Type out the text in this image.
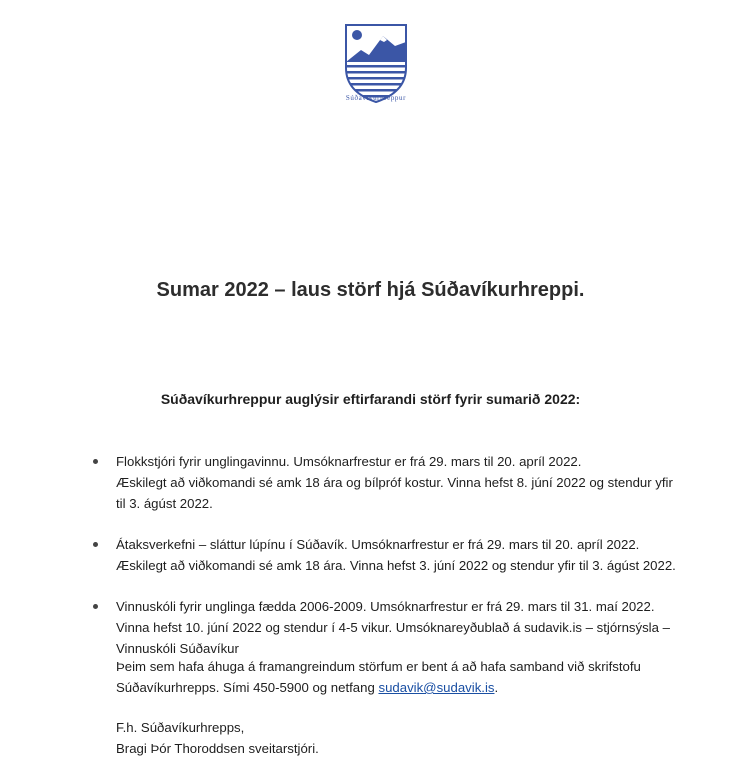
Súðavíkurhreppur
Sumar 2022 – laus störf hjá Súðavíkurhreppi.
Súðavíkurhreppur auglýsir eftirfarandi störf fyrir sumarið 2022:
Flokkstjóri fyrir unglingavinnu. Umsóknarfrestur er frá 29. mars til 20. apríl 2022.
Æskilegt að viðkomandi sé amk 18 ára og bílpróf kostur. Vinna hefst 8. júní 2022 og stendur yfir
til 3. ágúst 2022.
Átaksverkefni – sláttur lúpínu í Súðavík. Umsóknarfrestur er frá 29. mars til 20. apríl 2022.
Æskilegt að viðkomandi sé amk 18 ára. Vinna hefst 3. júní 2022 og stendur yfir til 3. ágúst 2022.
Vinnuskóli fyrir unglinga fædda 2006-2009. Umsóknarfrestur er frá 29. mars til 31. maí 2022.
Vinna hefst 10. júní 2022 og stendur í 4-5 vikur. Umsóknareyðublað á sudavik.is – stjórnsýsla –
Vinnuskóli Súðavíkur
Þeim sem hafa áhuga á framangreindum störfum er bent á að hafa samband við skrifstofu
Súðavíkurhrepps. Sími 450-5900 og netfang sudavik@sudavik.is.
F.h. Súðavíkurhrepps,
Bragi Þór Thoroddsen sveitarstjóri.
